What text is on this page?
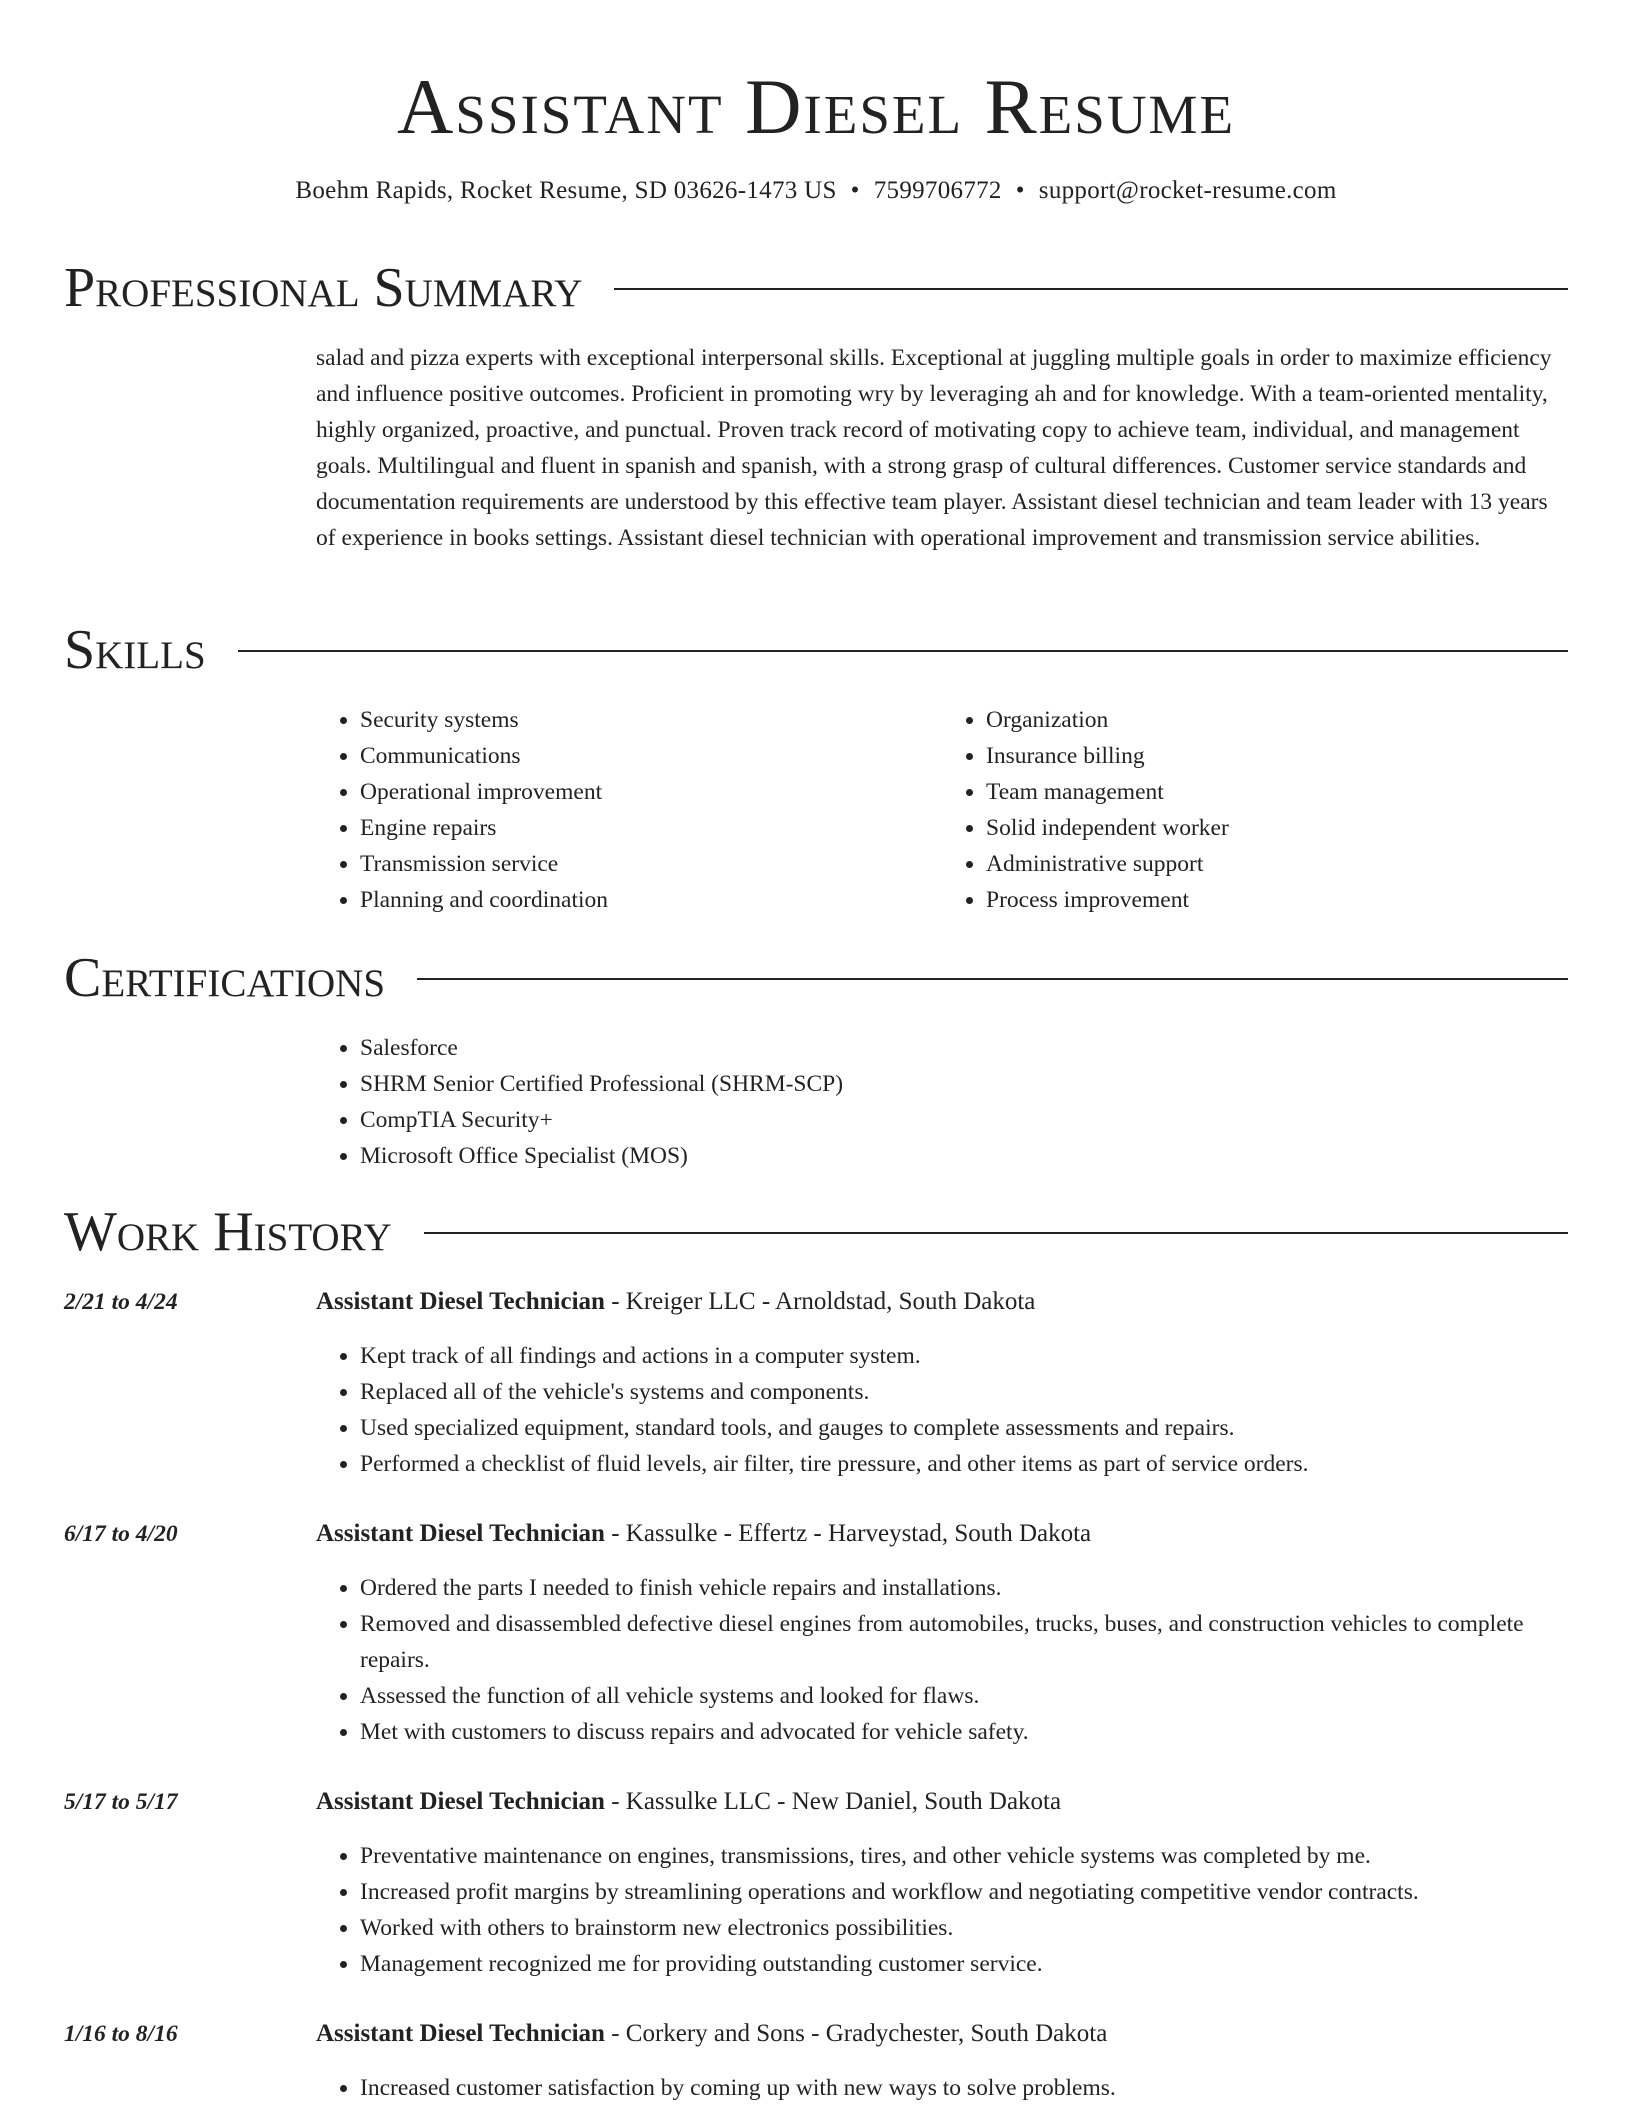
Assistant Diesel Resume
Boehm Rapids, Rocket Resume, SD 03626-1473 US • 7599706772 • support@rocket-resume.com
Professional Summary
salad and pizza experts with exceptional interpersonal skills. Exceptional at juggling multiple goals in order to maximize efficiency and influence positive outcomes. Proficient in promoting wry by leveraging ah and for knowledge. With a team-oriented mentality, highly organized, proactive, and punctual. Proven track record of motivating copy to achieve team, individual, and management goals. Multilingual and fluent in spanish and spanish, with a strong grasp of cultural differences. Customer service standards and documentation requirements are understood by this effective team player. Assistant diesel technician and team leader with 13 years of experience in books settings. Assistant diesel technician with operational improvement and transmission service abilities.
Skills
• Security systems
• Communications
• Operational improvement
• Engine repairs
• Transmission service
• Planning and coordination
• Organization
• Insurance billing
• Team management
• Solid independent worker
• Administrative support
• Process improvement
Certifications
• Salesforce
• SHRM Senior Certified Professional (SHRM-SCP)
• CompTIA Security+
• Microsoft Office Specialist (MOS)
Work History
2/21 to 4/24	Assistant Diesel Technician - Kreiger LLC - Arnoldstad, South Dakota
• Kept track of all findings and actions in a computer system.
• Replaced all of the vehicle's systems and components.
• Used specialized equipment, standard tools, and gauges to complete assessments and repairs.
• Performed a checklist of fluid levels, air filter, tire pressure, and other items as part of service orders.
6/17 to 4/20	Assistant Diesel Technician - Kassulke - Effertz - Harveystad, South Dakota
• Ordered the parts I needed to finish vehicle repairs and installations.
• Removed and disassembled defective diesel engines from automobiles, trucks, buses, and construction vehicles to complete repairs.
• Assessed the function of all vehicle systems and looked for flaws.
• Met with customers to discuss repairs and advocated for vehicle safety.
5/17 to 5/17	Assistant Diesel Technician - Kassulke LLC - New Daniel, South Dakota
• Preventative maintenance on engines, transmissions, tires, and other vehicle systems was completed by me.
• Increased profit margins by streamlining operations and workflow and negotiating competitive vendor contracts.
• Worked with others to brainstorm new electronics possibilities.
• Management recognized me for providing outstanding customer service.
1/16 to 8/16	Assistant Diesel Technician - Corkery and Sons - Gradychester, South Dakota
• Increased customer satisfaction by coming up with new ways to solve problems.
